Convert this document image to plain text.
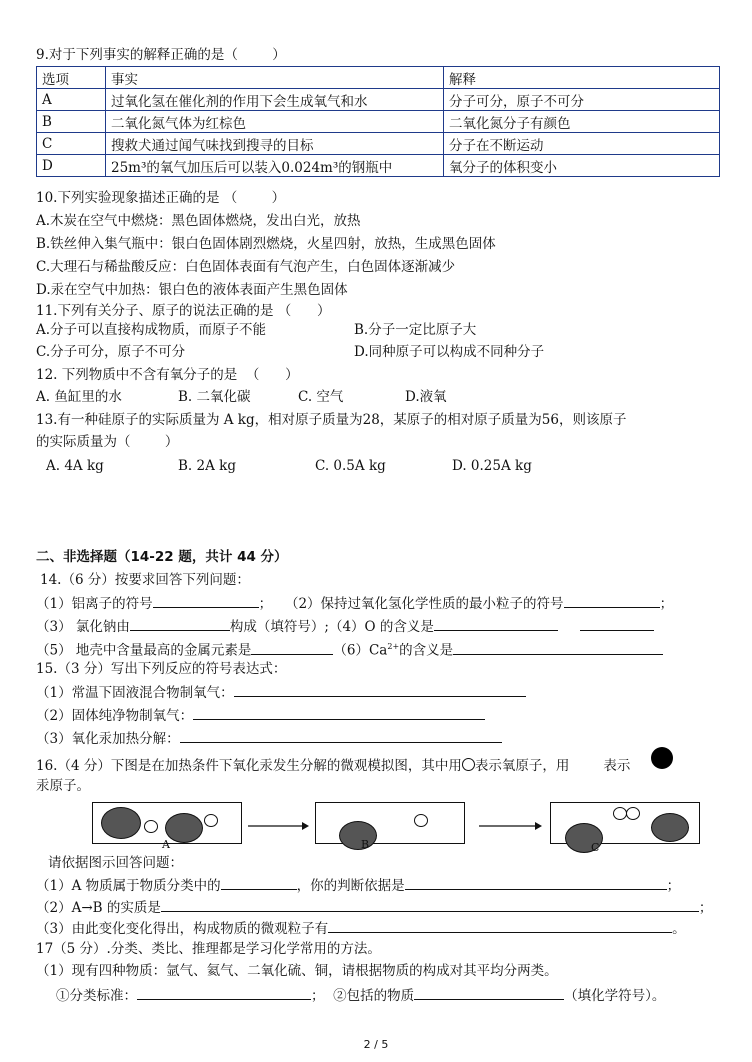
9.对于下列事实的解释正确的是（        ）
选项	事实	解释
A	过氧化氢在催化剂的作用下会生成氧气和水	分子可分，原子不可分
B	二氧化氮气体为红棕色	二氧化氮分子有颜色
C	搜救犬通过闻气味找到搜寻的目标	分子在不断运动
D	25m³的氧气加压后可以装入0.024m³的钢瓶中	氧分子的体积变小
10.下列实验现象描述正确的是 （        ）
A.木炭在空气中燃烧：黑色固体燃烧，发出白光，放热
B.铁丝伸入集气瓶中：银白色固体剧烈燃烧，火星四射，放热，生成黑色固体
C.大理石与稀盐酸反应：白色固体表面有气泡产生，白色固体逐渐减少
D.汞在空气中加热：银白色的液体表面产生黑色固体
11.下列有关分子、原子的说法正确的是 （      ）
A.分子可以直接构成物质，而原子不能	B.分子一定比原子大
C.分子可分，原子不可分	D.同种原子可以构成不同种分子
12. 下列物质中不含有氧分子的是  （      ）
A. 鱼缸里的水	B. 二氧化碳	C. 空气	D.液氧
13.有一种硅原子的实际质量为 A kg，相对原子质量为28，某原子的相对原子质量为56，则该原子
的实际质量为（        ）
A. 4A kg	B. 2A kg	C. 0.5A kg	D. 0.25A kg
二、非选择题（14-22 题，共计 44 分）
14.（6 分）按要求回答下列问题：
（1）铝离子的符号	；   （2）保持过氧化氢化学性质的最小粒子的符号	；
（3） 氯化钠由	构成（填符号）;（4）O 的含义是
（5） 地壳中含量最高的金属元素是	$(6)Ca^{2+}$的含义是
15.（3 分）写出下列反应的符号表达式：
（1）常温下固液混合物制氧气：
（2）固体纯净物制氧气：
（3）氧化汞加热分解：
16.（4 分）下图是在加热条件下氧化汞发生分解的微观模拟图，其中用 表示氧原子，用	表示
汞原子。
A	B	C
请依据图示回答问题：
（1）A 物质属于物质分类中的	，你的判断依据是	；
（2）A→B 的实质是	；
（3）由此变化变化得出，构成物质的微观粒子有	。
17（5 分）.分类、类比、推理都是学习化学常用的方法。
（1）现有四种物质：氩气、氦气、二氧化硫、铜，请根据物质的构成对其平均分两类。
①分类标准：	；  ②包括的物质	（填化学符号）。
2 / 5
